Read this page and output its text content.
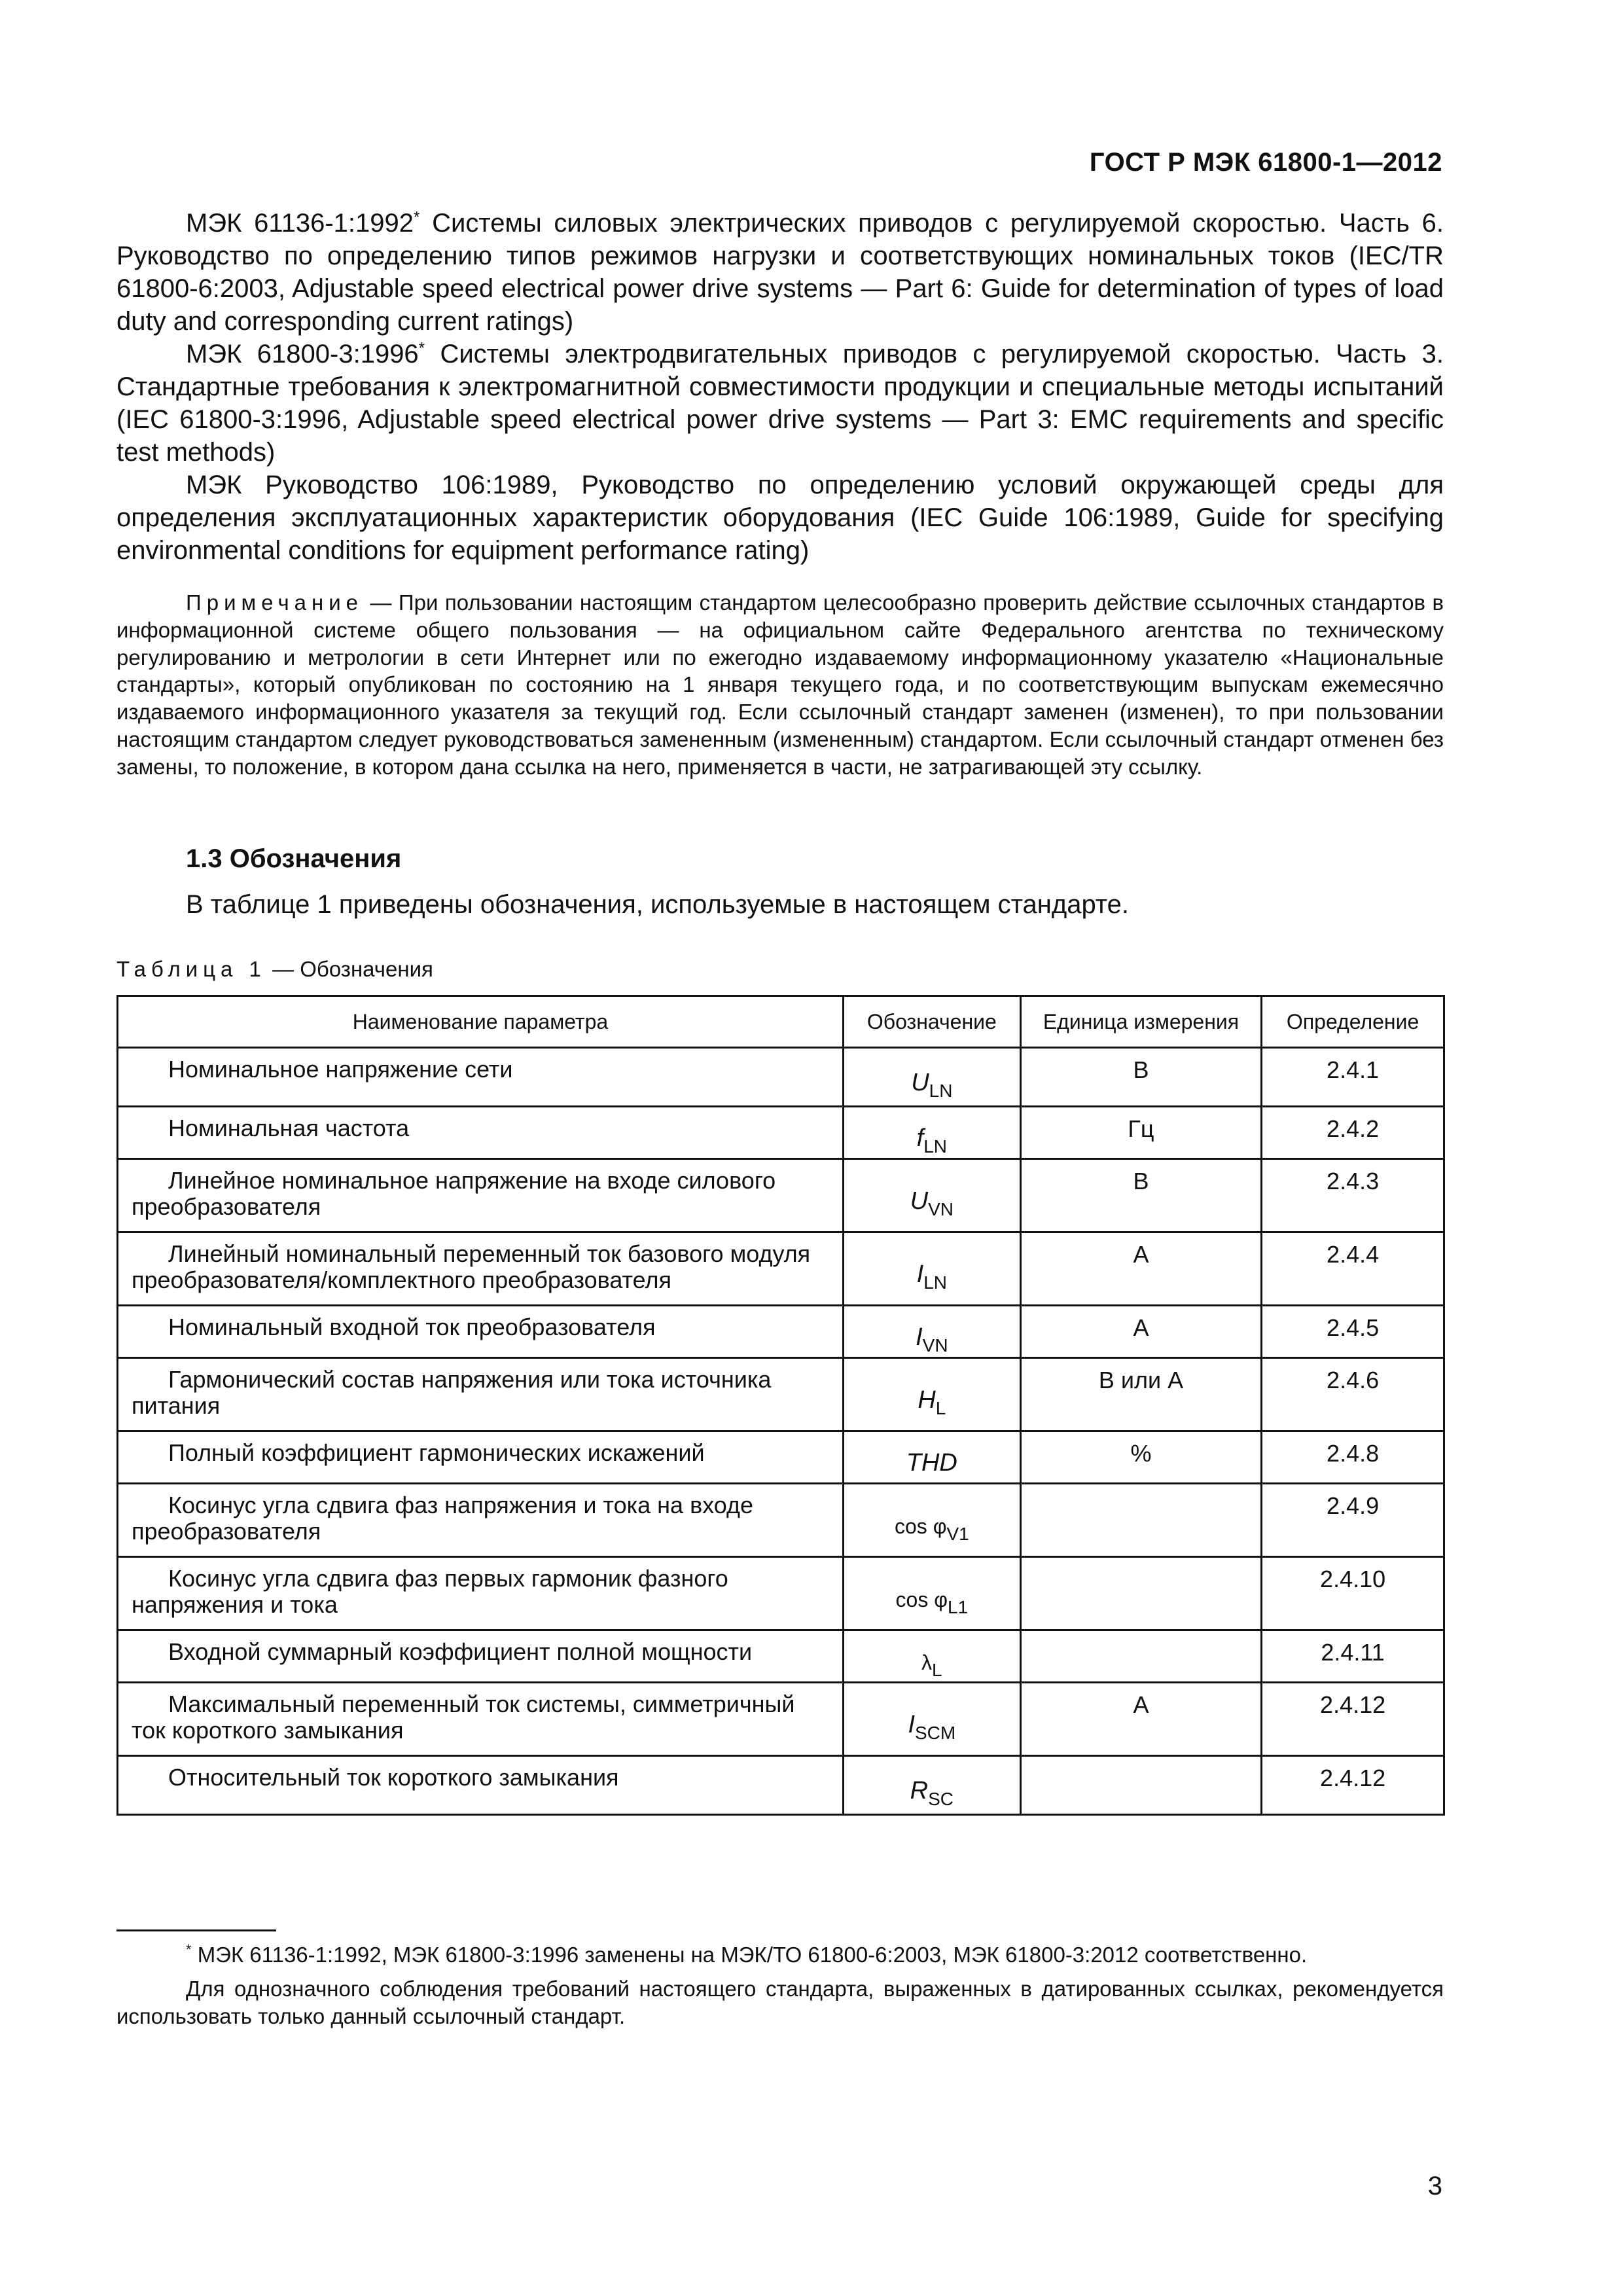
ГОСТ Р МЭК 61800-1—2012

МЭК 61136-1:1992* Системы силовых электрических приводов с регулируемой скоростью. Часть 6. Руководство по определению типов режимов нагрузки и соответствующих номинальных токов (IEC/TR 61800-6:2003, Adjustable speed electrical power drive systems — Part 6: Guide for determination of types of load duty and corresponding current ratings)

МЭК 61800-3:1996* Системы электродвигательных приводов с регулируемой скоростью. Часть 3. Стандартные требования к электромагнитной совместимости продукции и специальные методы испытаний (IEC 61800-3:1996, Adjustable speed electrical power drive systems — Part 3: EMC requirements and specific test methods)

МЭК Руководство 106:1989, Руководство по определению условий окружающей среды для определения эксплуатационных характеристик оборудования (IEC Guide 106:1989, Guide for specifying environmental conditions for equipment performance rating)

Примечание — При пользовании настоящим стандартом целесообразно проверить действие ссылочных стандартов в информационной системе общего пользования — на официальном сайте Федерального агентства по техническому регулированию и метрологии в сети Интернет или по ежегодно издаваемому информационному указателю «Национальные стандарты», который опубликован по состоянию на 1 января текущего года, и по соответствующим выпускам ежемесячно издаваемого информационного указателя за текущий год. Если ссылочный стандарт заменен (изменен), то при пользовании настоящим стандартом следует руководствоваться замененным (измененным) стандартом. Если ссылочный стандарт отменен без замены, то положение, в котором дана ссылка на него, применяется в части, не затрагивающей эту ссылку.
1.3 Обозначения
В таблице 1 приведены обозначения, используемые в настоящем стандарте.
Таблица 1 — Обозначения
Наименование параметра	Обозначение	Единица измерения	Определение
Номинальное напряжение сети	$U_{LN}$	В	2.4.1
Номинальная частота	$f_{LN}$	Гц	2.4.2
Линейное номинальное напряжение на входе силового преобразователя	$U_{VN}$	В	2.4.3
Линейный номинальный переменный ток базового модуля преобразователя/комплектного преобразователя	$I_{LN}$	А	2.4.4
Номинальный входной ток преобразователя	$I_{VN}$	А	2.4.5
Гармонический состав напряжения или тока источника питания	$H_L$	В или А	2.4.6
Полный коэффициент гармонических искажений	THD	%	2.4.8
Косинус угла сдвига фаз напряжения и тока на входе преобразователя	$\cos \varphi_{V1}$		2.4.9
Косинус угла сдвига фаз первых гармоник фазного напряжения и тока	$\cos \varphi_{L1}$		2.4.10
Входной суммарный коэффициент полной мощности	$\lambda_L$		2.4.11
Максимальный переменный ток системы, симметричный ток короткого замыкания	$I_{SCM}$	А	2.4.12
Относительный ток короткого замыкания	$R_{SC}$		2.4.12

* МЭК 61136-1:1992, МЭК 61800-3:1996 заменены на МЭК/ТО 61800-6:2003, МЭК 61800-3:2012 соответственно.

Для однозначного соблюдения требований настоящего стандарта, выраженных в датированных ссылках, рекомендуется использовать только данный ссылочный стандарт.

3
